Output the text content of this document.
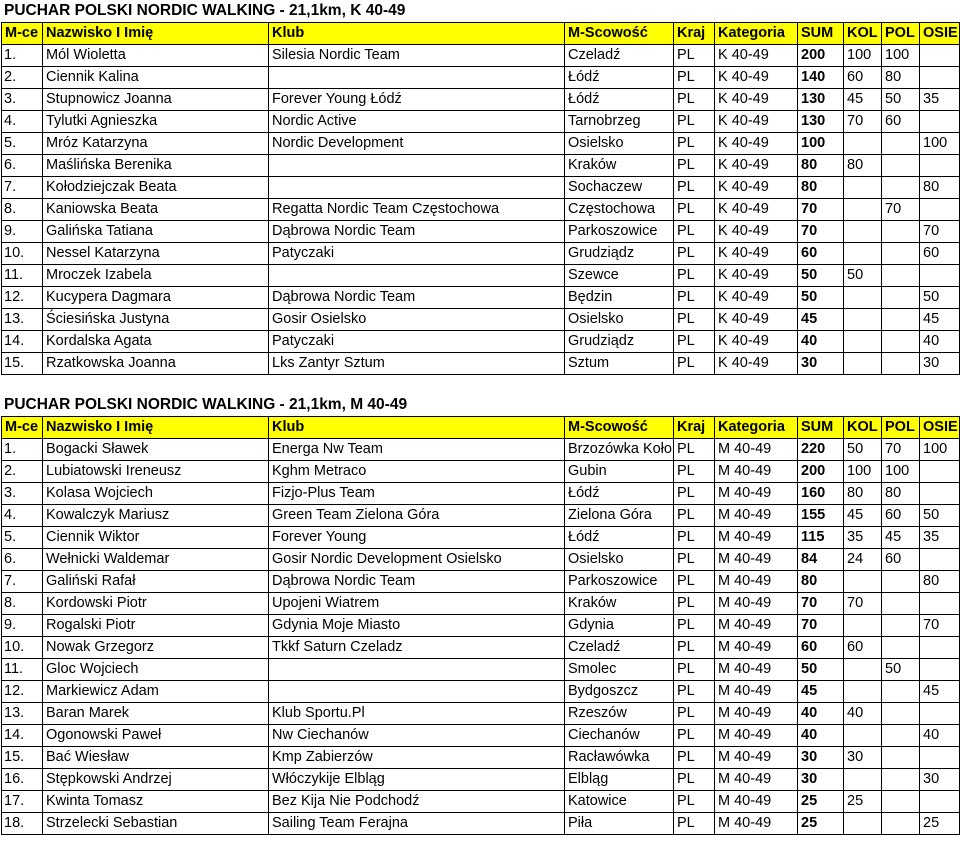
PUCHAR POLSKI NORDIC WALKING - 21,1km, K 40-49
M-ce	Nazwisko I Imię	Klub	M-Scowość	Kraj	Kategoria	SUM	KOL	POL	OSIE
1.	Mól Wioletta	Silesia Nordic Team	Czeladź	PL	K 40-49	200	100	100	
2.	Ciennik Kalina		Łódź	PL	K 40-49	140	60	80	
3.	Stupnowicz Joanna	Forever Young Łódź	Łódź	PL	K 40-49	130	45	50	35
4.	Tylutki Agnieszka	Nordic Active	Tarnobrzeg	PL	K 40-49	130	70	60	
5.	Mróz Katarzyna	Nordic Development	Osielsko	PL	K 40-49	100			100
6.	Maślińska Berenika		Kraków	PL	K 40-49	80	80		
7.	Kołodziejczak Beata		Sochaczew	PL	K 40-49	80			80
8.	Kaniowska Beata	Regatta Nordic Team Częstochowa	Częstochowa	PL	K 40-49	70		70	
9.	Galińska Tatiana	Dąbrowa Nordic Team	Parkoszowice	PL	K 40-49	70			70
10.	Nessel Katarzyna	Patyczaki	Grudziądz	PL	K 40-49	60			60
11.	Mroczek Izabela		Szewce	PL	K 40-49	50	50		
12.	Kucypera Dagmara	Dąbrowa Nordic Team	Będzin	PL	K 40-49	50			50
13.	Ściesińska Justyna	Gosir Osielsko	Osielsko	PL	K 40-49	45			45
14.	Kordalska Agata	Patyczaki	Grudziądz	PL	K 40-49	40			40
15.	Rzatkowska Joanna	Lks Zantyr Sztum	Sztum	PL	K 40-49	30			30
PUCHAR POLSKI NORDIC WALKING - 21,1km, M 40-49
M-ce	Nazwisko I Imię	Klub	M-Scowość	Kraj	Kategoria	SUM	KOL	POL	OSIE
1.	Bogacki Sławek	Energa Nw Team	Brzozówka Koło	PL	M 40-49	220	50	70	100
2.	Lubiatowski Ireneusz	Kghm Metraco	Gubin	PL	M 40-49	200	100	100	
3.	Kolasa Wojciech	Fizjo-Plus Team	Łódź	PL	M 40-49	160	80	80	
4.	Kowalczyk Mariusz	Green Team Zielona Góra	Zielona Góra	PL	M 40-49	155	45	60	50
5.	Ciennik Wiktor	Forever Young	Łódź	PL	M 40-49	115	35	45	35
6.	Wełnicki Waldemar	Gosir Nordic Development Osielsko	Osielsko	PL	M 40-49	84	24	60	
7.	Galiński Rafał	Dąbrowa Nordic Team	Parkoszowice	PL	M 40-49	80			80
8.	Kordowski Piotr	Upojeni Wiatrem	Kraków	PL	M 40-49	70	70		
9.	Rogalski Piotr	Gdynia Moje Miasto	Gdynia	PL	M 40-49	70			70
10.	Nowak Grzegorz	Tkkf Saturn Czeladz	Czeladź	PL	M 40-49	60	60		
11.	Gloc Wojciech		Smolec	PL	M 40-49	50		50	
12.	Markiewicz Adam		Bydgoszcz	PL	M 40-49	45			45
13.	Baran Marek	Klub Sportu.Pl	Rzeszów	PL	M 40-49	40	40		
14.	Ogonowski Paweł	Nw Ciechanów	Ciechanów	PL	M 40-49	40			40
15.	Bać Wiesław	Kmp Zabierzów	Racławówka	PL	M 40-49	30	30		
16.	Stępkowski Andrzej	Włóczykije Elbląg	Elbląg	PL	M 40-49	30			30
17.	Kwinta Tomasz	Bez Kija Nie Podchodź	Katowice	PL	M 40-49	25	25		
18.	Strzelecki Sebastian	Sailing Team Ferajna	Piła	PL	M 40-49	25			25
